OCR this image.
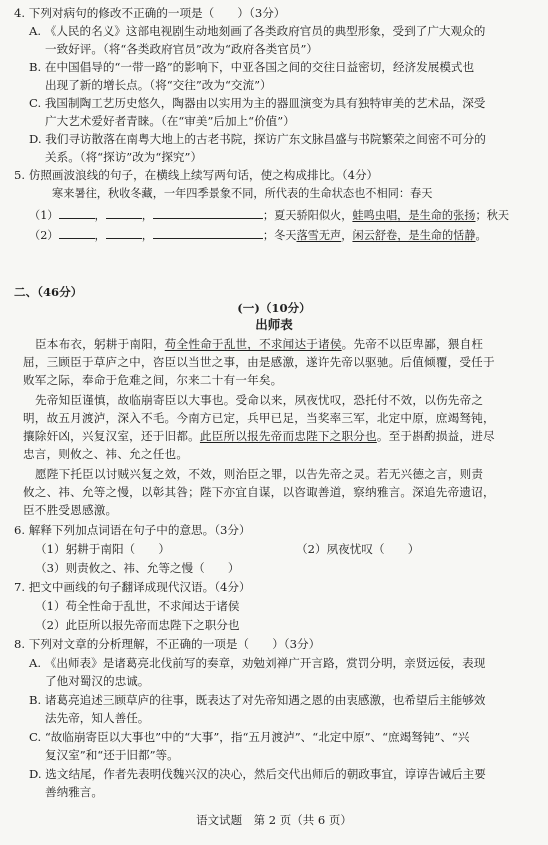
4. 下列对病句的修改不正确的一项是（　　）（3分）
A. 《人民的名义》这部电视剧生动地刻画了各类政府官员的典型形象，受到了广大观众的
一致好评。（将“各类政府官员”改为“政府各类官员”）
B. 在中国倡导的“一带一路”的影响下，中亚各国之间的交往日益密切，经济发展模式也
出现了新的增长点。（将“交往”改为“交流”）
C. 我国制陶工艺历史悠久，陶器由以实用为主的器皿演变为具有独特审美的艺术品，深受
广大艺术爱好者青睐。（在“审美”后加上“价值”）
D. 我们寻访散落在南粤大地上的古老书院，探访广东文脉昌盛与书院繁荣之间密不可分的
关系。（将“探访”改为“探究”）
5. 仿照画波浪线的句子，在横线上续写两句话，使之构成排比。（4分）
寒来暑往，秋收冬藏，一年四季景象不同，所代表的生命状态也不相同：春天
（1）	，	，	；夏天骄阳似火，蛙鸣虫唱，是生命的张扬；秋天
（2）	，	，	；冬天落雪无声，闲云舒卷，是生命的恬静。
二、（46分）
(一)（10分）
出师表
臣本布衣，躬耕于南阳，苟全性命于乱世，不求闻达于诸侯。先帝不以臣卑鄙，猥自枉
屈，三顾臣于草庐之中，咨臣以当世之事，由是感激，遂许先帝以驱驰。后值倾覆，受任于
败军之际，奉命于危难之间，尔来二十有一年矣。
先帝知臣谨慎，故临崩寄臣以大事也。受命以来，夙夜忧叹，恐托付不效，以伤先帝之
明，故五月渡泸，深入不毛。今南方已定，兵甲已足，当奖率三军，北定中原，庶竭驽钝，
攘除奸凶，兴复汉室，还于旧都。此臣所以报先帝而忠陛下之职分也。至于斟酌损益，进尽
忠言，则攸之、祎、允之任也。
愿陛下托臣以讨贼兴复之效，不效，则治臣之罪，以告先帝之灵。若无兴德之言，则责
攸之、祎、允等之慢，以彰其咎；陛下亦宜自谋，以咨诹善道，察纳雅言。深追先帝遗诏，
臣不胜受恩感激。
6. 解释下列加点词语在句子中的意思。（3分）
（1）躬耕于南阳（　　）	（2）夙夜忧叹（　　）
（3）则责攸之、祎、允等之慢（　　）
7. 把文中画线的句子翻译成现代汉语。（4分）
（1）苟全性命于乱世，不求闻达于诸侯
（2）此臣所以报先帝而忠陛下之职分也
8. 下列对文章的分析理解，不正确的一项是（　　）（3分）
A. 《出师表》是诸葛亮北伐前写的奏章，劝勉刘禅广开言路，赏罚分明，亲贤远佞，表现
了他对蜀汉的忠诚。
B. 诸葛亮追述三顾草庐的往事，既表达了对先帝知遇之恩的由衷感激，也希望后主能够效
法先帝，知人善任。
C. “故临崩寄臣以大事也”中的“大事”，指“五月渡泸”、“北定中原”、“庶竭驽钝”、“兴
复汉室”和“还于旧都”等。
D. 选文结尾，作者先表明伐魏兴汉的决心，然后交代出师后的朝政事宜，谆谆告诫后主要
善纳雅言。
语文试题　第 2 页（共 6 页）
